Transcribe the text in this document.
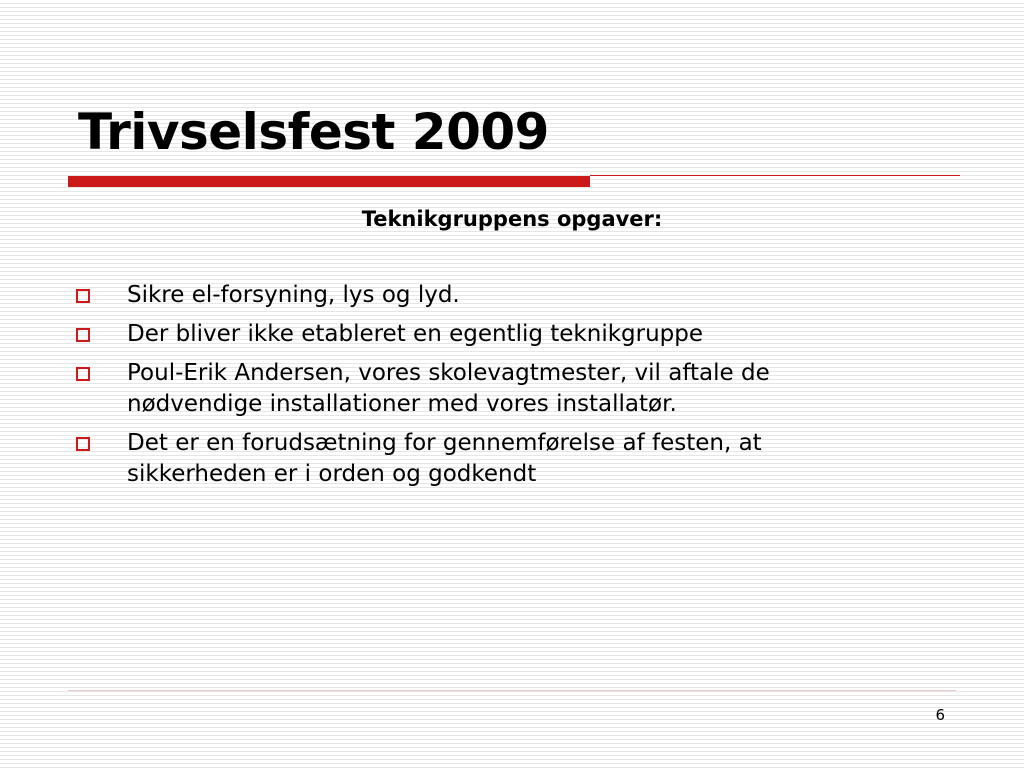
Trivselsfest 2009
Teknikgruppens opgaver:
Sikre el-forsyning, lys og lyd.
Der bliver ikke etableret en egentlig teknikgruppe
Poul-Erik Andersen, vores skolevagtmester, vil aftale de nødvendige installationer med vores installatør.
Det er en forudsætning for gennemførelse af festen, at sikkerheden er i orden og godkendt
6
